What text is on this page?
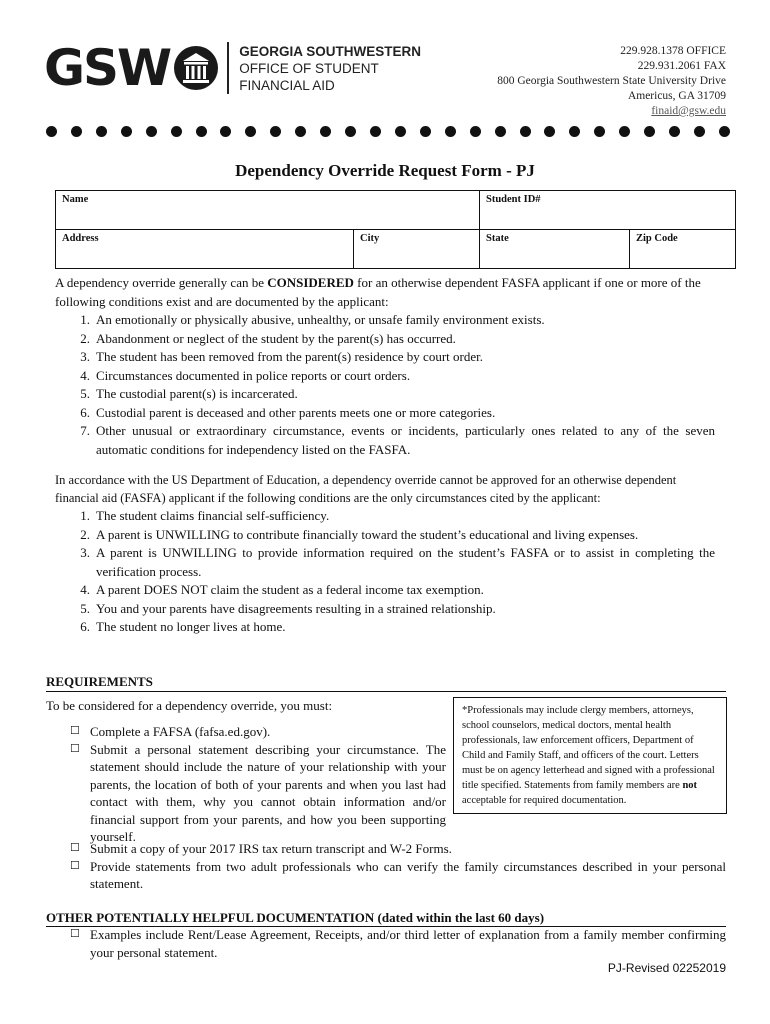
GSW	GEORGIA SOUTHWESTERN
OFFICE OF STUDENT
FINANCIAL AID
229.928.1378 OFFICE
229.931.2061 FAX
800 Georgia Southwestern State University Drive
Americus, GA 31709
finaid@gsw.edu
Dependency Override Request Form - PJ
Name		Student ID#	
Address	City	State	Zip Code

A dependency override generally can be CONSIDERED for an otherwise dependent FASFA applicant if one or more of the following conditions exist and are documented by the applicant:

1. An emotionally or physically abusive, unhealthy, or unsafe family environment exists.
2. Abandonment or neglect of the student by the parent(s) has occurred.
3. The student has been removed from the parent(s) residence by court order.
4. Circumstances documented in police reports or court orders.
5. The custodial parent(s) is incarcerated.
6. Custodial parent is deceased and other parents meets one or more categories.
7. Other unusual or extraordinary circumstance, events or incidents, particularly ones related to any of the seven automatic conditions for independency listed on the FASFA.

In accordance with the US Department of Education, a dependency override cannot be approved for an otherwise dependent financial aid (FASFA) applicant if the following conditions are the only circumstances cited by the applicant:

1. The student claims financial self-sufficiency.
2. A parent is UNWILLING to contribute financially toward the student’s educational and living expenses.
3. A parent is UNWILLING to provide information required on the student’s FASFA or to assist in completing the verification process.
4. A parent DOES NOT claim the student as a federal income tax exemption.
5. You and your parents have disagreements resulting in a strained relationship.
6. The student no longer lives at home.
REQUIREMENTS
To be considered for a dependency override, you must:
☐ Complete a FAFSA (fafsa.ed.gov).
☐ Submit a personal statement describing your circumstance. The statement should include the nature of your relationship with your parents, the location of both of your parents and when you last had contact with them, why you cannot obtain information and/or financial support from your parents, and how you been supporting yourself.
☐ Submit a copy of your 2017 IRS tax return transcript and W-2 Forms.
☐ Provide statements from two adult professionals who can verify the family circumstances described in your personal statement.
*Professionals may include clergy members, attorneys, school counselors, medical doctors, mental health professionals, law enforcement officers, Department of Child and Family Staff, and officers of the court. Letters must be on agency letterhead and signed with a professional title specified. Statements from family members are not acceptable for required documentation.
OTHER POTENTIALLY HELPFUL DOCUMENTATION (dated within the last 60 days)
☐ Examples include Rent/Lease Agreement, Receipts, and/or third letter of explanation from a family member confirming your personal statement.
PJ-Revised 02252019
